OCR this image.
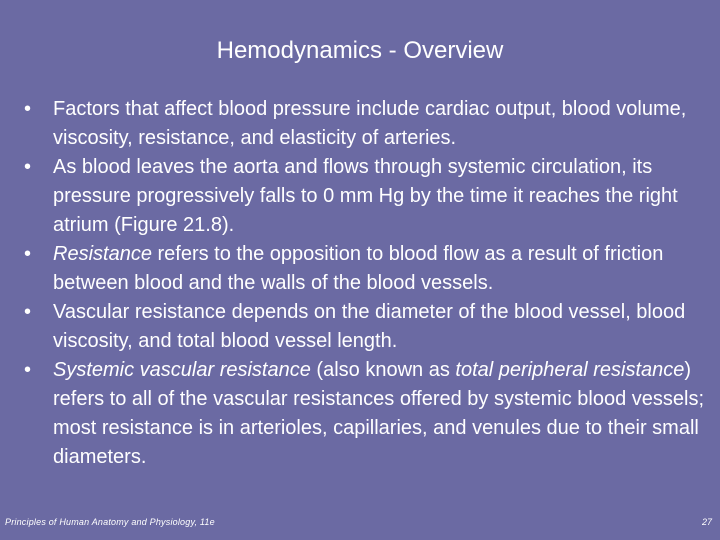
Hemodynamics - Overview
•	Factors that affect blood pressure include cardiac output, blood volume, viscosity, resistance, and elasticity of arteries.
•	As blood leaves the aorta and flows through systemic circulation, its pressure progressively falls to 0 mm Hg by the time it reaches the right atrium (Figure 21.8).
•	Resistance refers to the opposition to blood flow as a result of friction between blood and the walls of the blood vessels.
•	Vascular resistance depends on the diameter of the blood vessel, blood viscosity, and total blood vessel length.
•	Systemic vascular resistance (also known as total peripheral resistance) refers to all of the vascular resistances offered by systemic blood vessels; most resistance is in arterioles, capillaries, and venules due to their small diameters.
Principles of Human Anatomy and Physiology, 11e	27
